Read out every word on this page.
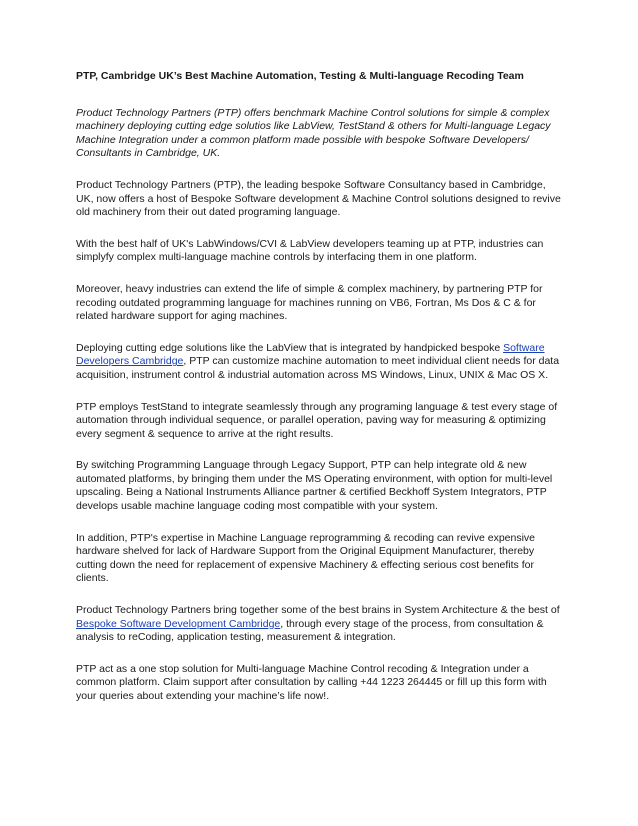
PTP, Cambridge UK’s Best Machine Automation, Testing & Multi-language Recoding Team
Product Technology Partners (PTP) offers benchmark Machine Control solutions for simple & complex machinery deploying cutting edge solutios like LabView, TestStand & others for Multi-language Legacy Machine Integration under a common platform made possible with bespoke Software Developers/ Consultants in Cambridge, UK.
Product Technology Partners (PTP), the leading bespoke Software Consultancy based in Cambridge, UK, now offers a host of Bespoke Software development & Machine Control solutions designed to revive old machinery from their out dated programing language.
With the best half of UK's LabWindows/CVI & LabView developers teaming up at PTP, industries can simplyfy complex multi-language machine controls by interfacing them in one platform.
Moreover, heavy industries can extend the life of simple & complex machinery, by partnering PTP for recoding outdated programming language for machines running on VB6, Fortran, Ms Dos & C & for related hardware support for aging machines.
Deploying cutting edge solutions like the LabView that is integrated by handpicked bespoke Software Developers Cambridge, PTP can customize machine automation to meet individual client needs for data acquisition, instrument control & industrial automation across MS Windows, Linux, UNIX & Mac OS X.
PTP employs TestStand to integrate seamlessly through any programing language & test every stage of automation through individual sequence, or parallel operation, paving way for measuring & optimizing every segment & sequence to arrive at the right results.
By switching Programming Language through Legacy Support, PTP can help integrate old & new automated platforms, by bringing them under the MS Operating environment, with option for multi-level upscaling. Being a National Instruments Alliance partner & certified Beckhoff System Integrators, PTP develops usable machine language coding most compatible with your system.
In addition, PTP's expertise in Machine Language reprogramming & recoding can revive expensive hardware shelved for lack of Hardware Support from the Original Equipment Manufacturer, thereby cutting down the need for replacement of expensive Machinery & effecting serious cost benefits for clients.
Product Technology Partners bring together some of the best brains in System Architecture & the best of Bespoke Software Development Cambridge, through every stage of the process, from consultation & analysis to reCoding, application testing, measurement & integration.
PTP act as a one stop solution for Multi-language Machine Control recoding & Integration under a common platform. Claim support after consultation by calling +44 1223 264445 or fill up this form with your queries about extending your machine’s life now!.
